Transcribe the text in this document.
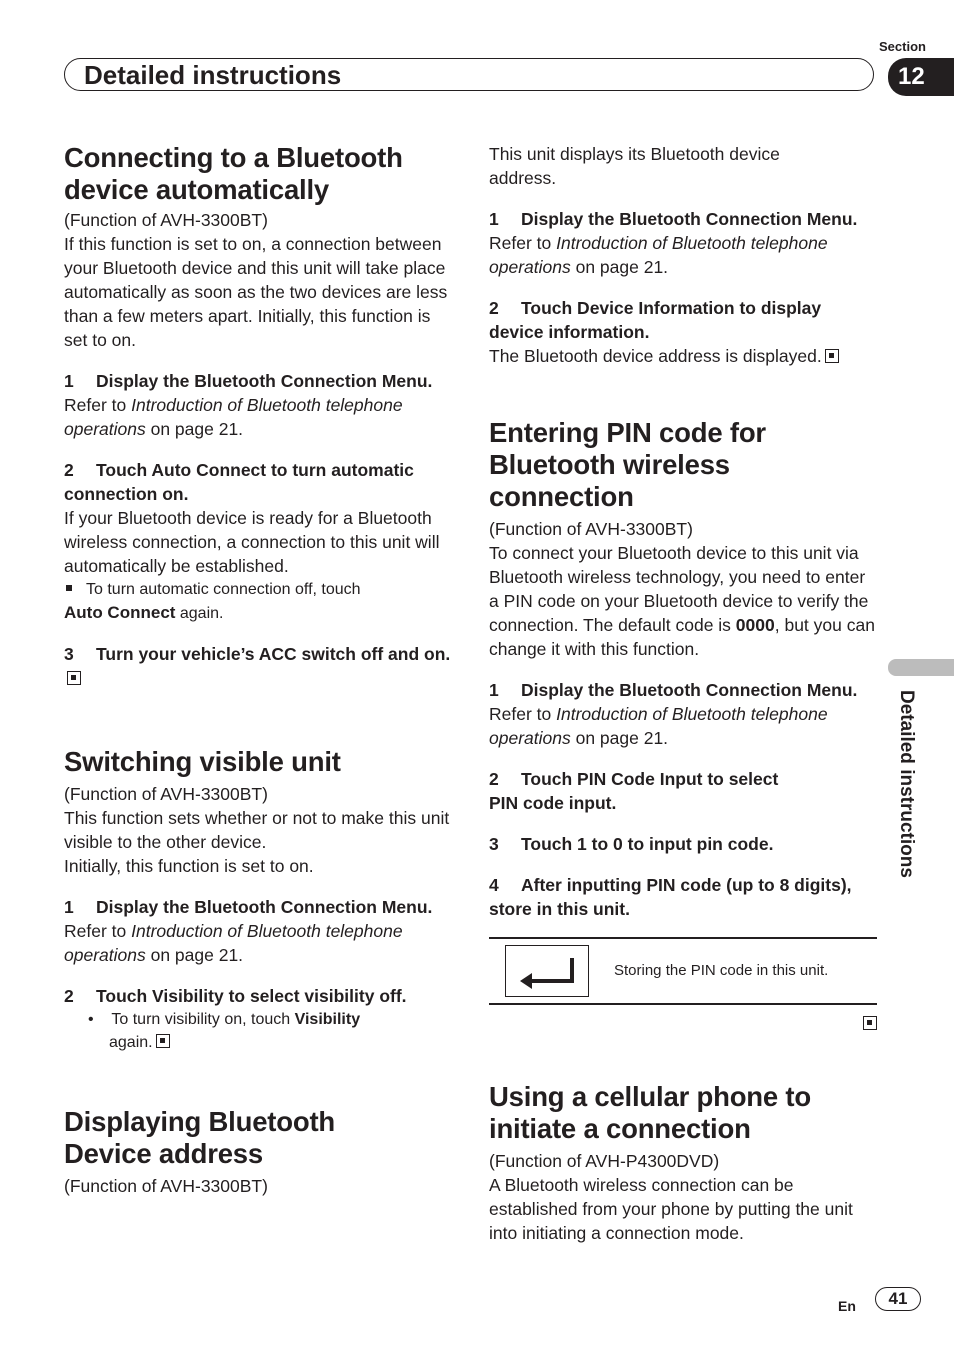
Section
Detailed instructions	12
Detailed instructions
Connecting to a Bluetooth device automatically

(Function of AVH-3300BT)

If this function is set to on, a connection between your Bluetooth device and this unit will take place automatically as soon as the two devices are less than a few meters apart. Initially, this function is set to on.

1 Display the Bluetooth Connection Menu.

Refer to Introduction of Bluetooth telephone operations on page 21.

2 Touch Auto Connect to turn automatic connection on.

If your Bluetooth device is ready for a Bluetooth wireless connection, a connection to this unit will automatically be established.

To turn automatic connection off, touch
Auto Connect again.

3 Turn your vehicle’s ACC switch off and on.

Switching visible unit

(Function of AVH-3300BT)

This function sets whether or not to make this unit visible to the other device.

Initially, this function is set to on.

1 Display the Bluetooth Connection Menu.

Refer to Introduction of Bluetooth telephone operations on page 21.

2 Touch Visibility to select visibility off.

•    To turn visibility on, touch Visibility
again.

Displaying Bluetooth Device address

(Function of AVH-3300BT)

This unit displays its Bluetooth device address.

1 Display the Bluetooth Connection Menu.

Refer to Introduction of Bluetooth telephone operations on page 21.

2 Touch Device Information to display device information.

The Bluetooth device address is displayed.

Entering PIN code for Bluetooth wireless connection

(Function of AVH-3300BT)

To connect your Bluetooth device to this unit via Bluetooth wireless technology, you need to enter a PIN code on your Bluetooth device to verify the connection. The default code is 0000, but you can change it with this function.

1 Display the Bluetooth Connection Menu.

Refer to Introduction of Bluetooth telephone operations on page 21.

2 Touch PIN Code Input to select PIN code input.

3 Touch 1 to 0 to input pin code.

4 After inputting PIN code (up to 8 digits), store in this unit.

Storing the PIN code in this unit.
Using a cellular phone to initiate a connection

(Function of AVH-P4300DVD)

A Bluetooth wireless connection can be established from your phone by putting the unit into initiating a connection mode.

En	41
